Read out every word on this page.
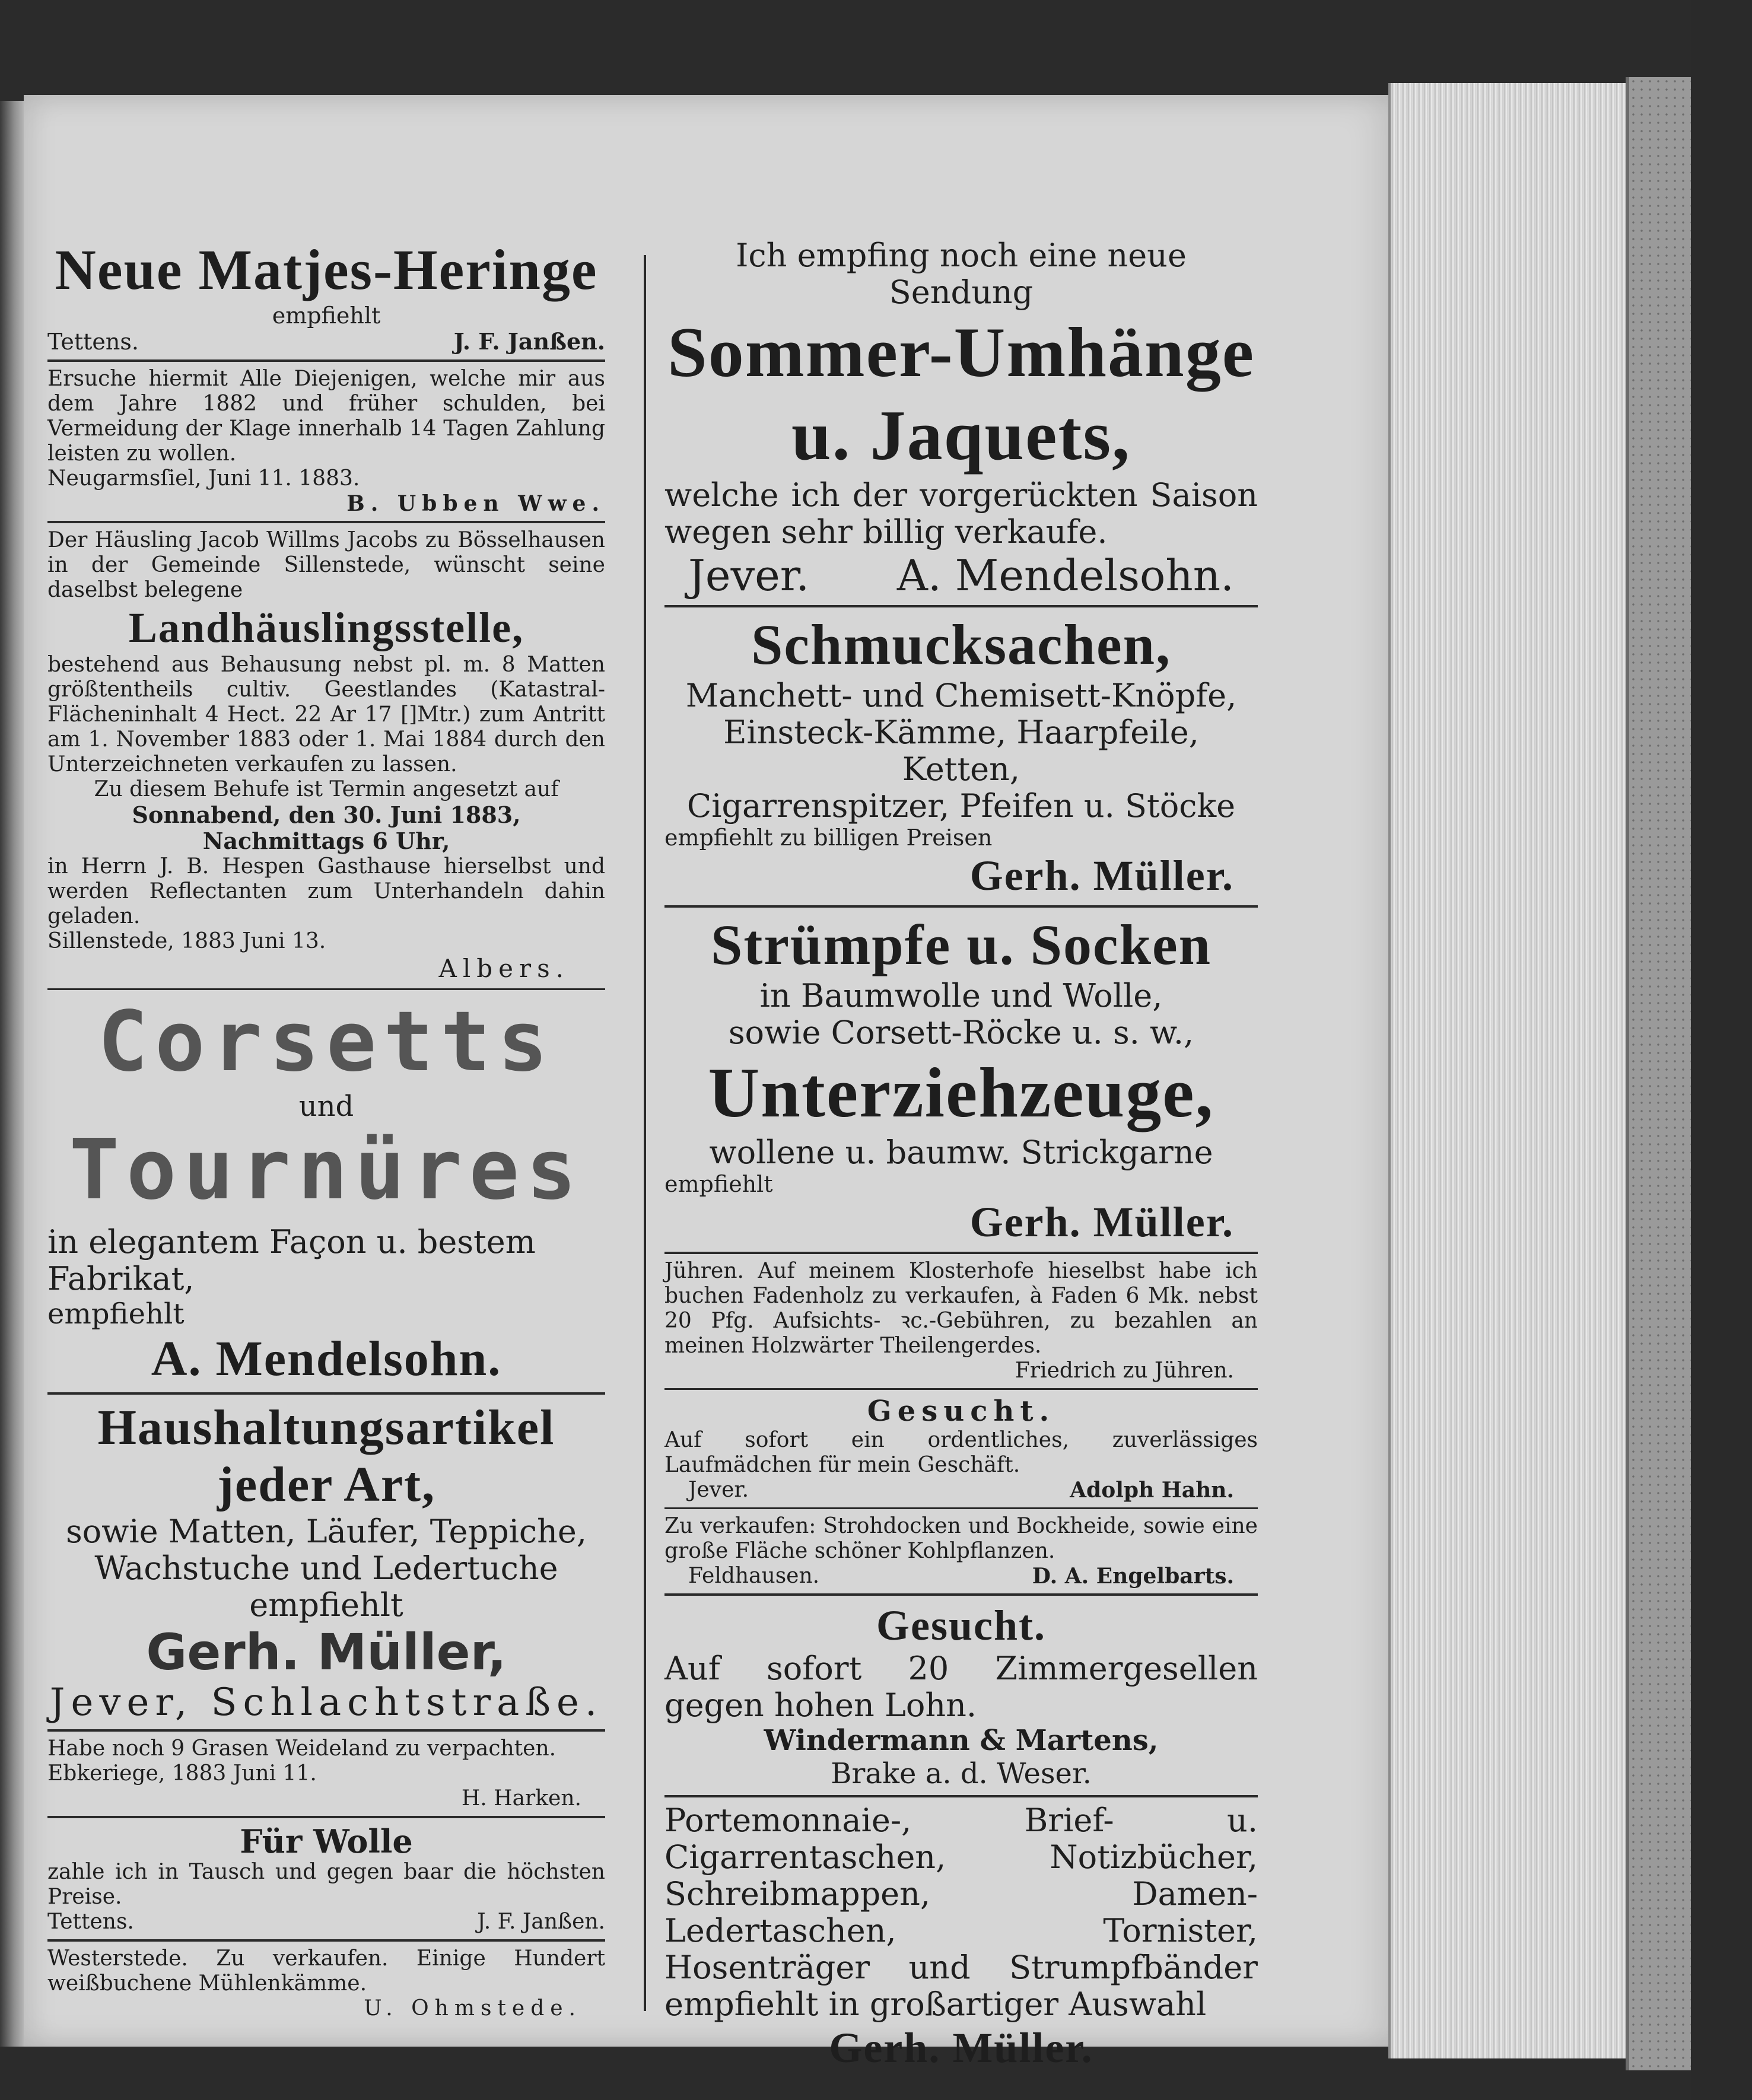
Neue Matjes-Heringe
empfiehlt
Tettens.	J. F. Janßen.
Ersuche hiermit Alle Diejenigen, welche mir aus dem Jahre 1882 und früher schulden, bei Vermeidung der Klage innerhalb 14 Tagen Zahlung leisten zu wollen.
Neugarmsſiel, Juni 11. 1883.
B. Ubben Wwe.
Der Häusling Jacob Willms Jacobs zu Bösselhausen in der Gemeinde Sillenstede, wünscht seine daselbst belegene
Landhäuslingsstelle,
bestehend aus Behausung nebst pl. m. 8 Matten größtentheils cultiv. Geestlandes (Katastral-Flächeninhalt 4 Hect. 22 Ar 17 []Mtr.) zum Antritt am 1. November 1883 oder 1. Mai 1884 durch den Unterzeichneten verkaufen zu lassen.
Zu diesem Behufe ist Termin angesetzt auf
Sonnabend, den 30. Juni 1883,
Nachmittags 6 Uhr,
in Herrn J. B. Hespen Gasthause hierselbst und werden Reflectanten zum Unterhandeln dahin geladen.
Sillenstede, 1883 Juni 13.
Albers.
Corsetts
und
Tournüres
in elegantem Façon u. bestem Fabrikat,
empfiehlt
A. Mendelsohn.
Haushaltungsartikel
jeder Art,
sowie Matten, Läufer, Teppiche,
Wachstuche und Ledertuche empfiehlt
Gerh. Müller,
Jever, Schlachtstraße.
Habe noch 9 Grasen Weideland zu verpachten.
Ebkeriege, 1883 Juni 11.
H. Harken.
Für Wolle
zahle ich in Tausch und gegen baar die höchsten Preise.
Tettens.	J. F. Janßen.
Westerstede. Zu verkaufen. Einige Hundert weißbuchene Mühlenkämme.
U. Ohmstede.
Ich empfing noch eine neue Sendung
Sommer-Umhänge
u. Jaquets,
welche ich der vorgerückten Saison wegen sehr billig verkaufe.
Jever. A. Mendelsohn.
Schmucksachen,
Manchett- und Chemisett-Knöpfe,
Einsteck-Kämme, Haarpfeile, Ketten,
Cigarrenspitzer, Pfeifen u. Stöcke
empfiehlt zu billigen Preisen
Gerh. Müller.
Strümpfe u. Socken
in Baumwolle und Wolle,
sowie Corsett-Röcke u. s. w.,
Unterziehzeuge,
wollene u. baumw. Strickgarne
empfiehlt
Gerh. Müller.
Jühren. Auf meinem Klosterhofe hieselbst habe ich buchen Fadenholz zu verkaufen, à Faden 6 Mk. nebst 20 Pfg. Aufsichts- ꝛc.-Gebühren, zu bezahlen an meinen Holzwärter Theilengerdes.
Friedrich zu Jühren.
Gesucht.
Auf sofort ein ordentliches, zuverlässiges Laufmädchen für mein Geschäft.
Jever.	Adolph Hahn.
Zu verkaufen: Strohdocken und Bockheide, sowie eine große Fläche schöner Kohlpflanzen.
Feldhausen.	D. A. Engelbarts.
Gesucht.
Auf sofort 20 Zimmergesellen gegen hohen Lohn.
Windermann & Martens,
Brake a. d. Weser.
Portemonnaie-, Brief- u. Cigarrentaschen, Notizbücher, Schreibmappen, Damen-Ledertaschen, Tornister, Hosenträger und Strumpfbänder empfiehlt in großartiger Auswahl
Gerh. Müller.
